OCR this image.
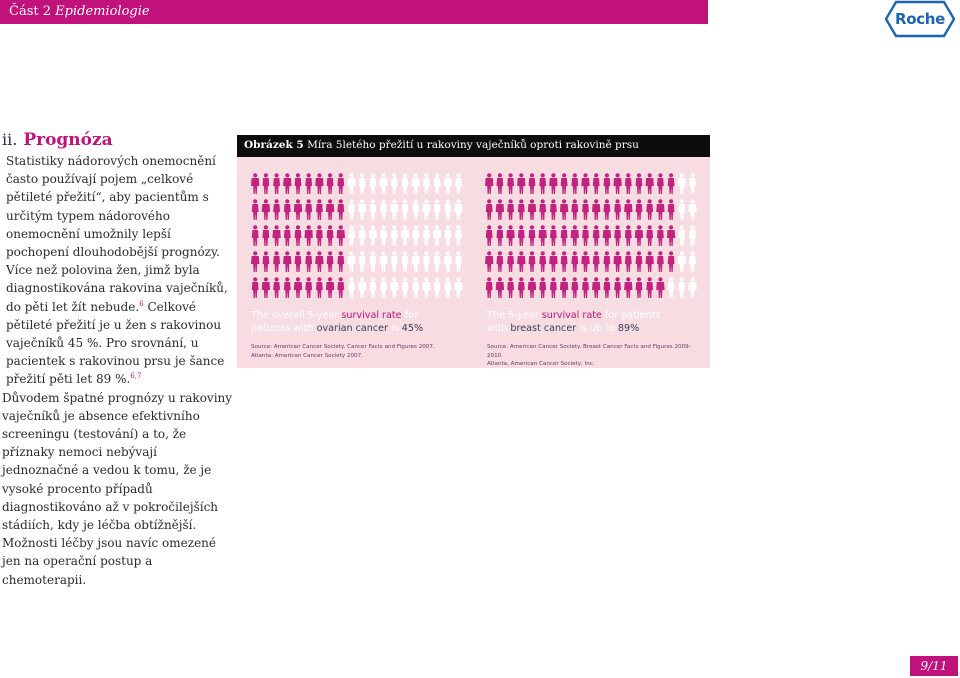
Část 2 Epidemiologie	Roche
ii. Prognóza

Statistiky nádorových onemocnění často používají pojem „celkové pětileté přežití“, aby pacientům s určitým typem nádorového onemocnění umožnily lepší pochopení dlouhodobější prognózy. Více než polovina žen, jimž byla diagnostikována rakovina vaječníků, do pěti let žít nebude.$^6$ Celkové pětileté přežití je u žen s rakovinou vaječníků 45 %. Pro srovnání, u pacientek s rakovinou prsu je šance přežití pěti let 89 %.$^{6,7}$

Důvodem špatné prognózy u rakoviny vaječníků je absence efektivního screeningu (testování) a to, že příznaky nemoci nebývají jednoznačné a vedou k tomu, že je vysoké procento případů diagnostikováno až v pokročilejších stádiích, kdy je léčba obtížnější. Možnosti léčby jsou navíc omezené jen na operační postup a chemoterapii.

Obrázek 5 Míra 5letého přežití u rakoviny vaječníků oproti rakovině prsu
The overall 5-year survival rate for
patients with ovarian cancer is 45%
Source: American Cancer Society. Cancer Facts and Figures 2007.
Atlanta: American Cancer Society 2007.
The 5-year survival rate for patients
with breast cancer is up to 89%
Source: American Cancer Society. Breast Cancer Facts and Figures 2009-2010.
Atlanta, American Cancer Society, Inc.
9 / 11
